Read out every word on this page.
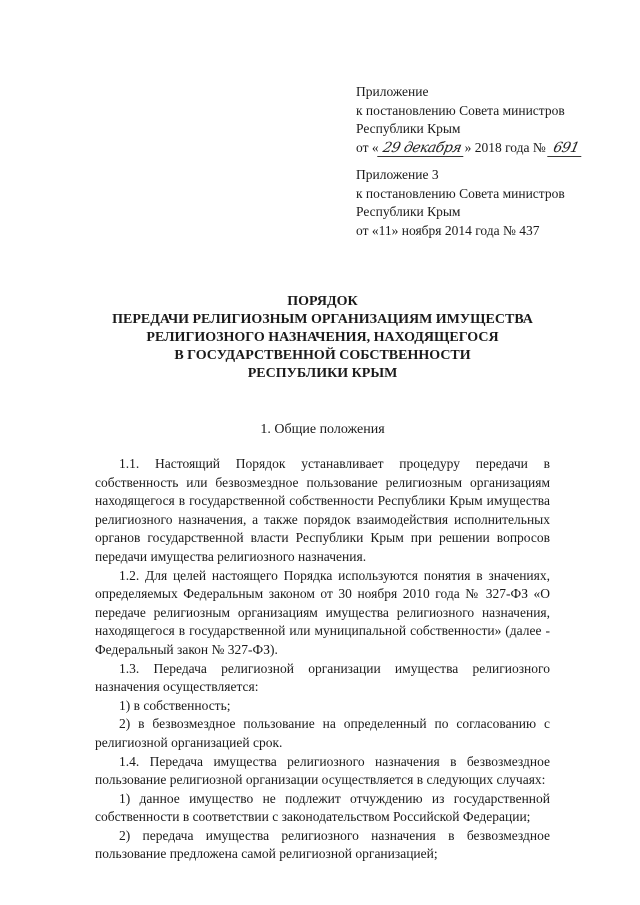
Приложение
к постановлению Совета министров
Республики Крым
от « 29 декабря » 2018 года № 691
Приложение 3
к постановлению Совета министров
Республики Крым
от «11» ноября 2014 года № 437
ПОРЯДОК
ПЕРЕДАЧИ РЕЛИГИОЗНЫМ ОРГАНИЗАЦИЯМ ИМУЩЕСТВА
РЕЛИГИОЗНОГО НАЗНАЧЕНИЯ, НАХОДЯЩЕГОСЯ
В ГОСУДАРСТВЕННОЙ СОБСТВЕННОСТИ
РЕСПУБЛИКИ КРЫМ
1. Общие положения

1.1. Настоящий Порядок устанавливает процедуру передачи в собственность или безвозмездное пользование религиозным организациям находящегося в государственной собственности Республики Крым имущества религиозного назначения, а также порядок взаимодействия исполнительных органов государственной власти Республики Крым при решении вопросов передачи имущества религиозного назначения.

1.2. Для целей настоящего Порядка используются понятия в значениях, определяемых Федеральным законом от 30 ноября 2010 года № 327-ФЗ «О передаче религиозным организациям имущества религиозного назначения, находящегося в государственной или муниципальной собственности» (далее - Федеральный закон № 327-ФЗ).

1.3. Передача религиозной организации имущества религиозного назначения осуществляется:

1) в собственность;

2) в безвозмездное пользование на определенный по согласованию с религиозной организацией срок.

1.4. Передача имущества религиозного назначения в безвозмездное пользование религиозной организации осуществляется в следующих случаях:

1) данное имущество не подлежит отчуждению из государственной собственности в соответствии с законодательством Российской Федерации;

2) передача имущества религиозного назначения в безвозмездное пользование предложена самой религиозной организацией;
